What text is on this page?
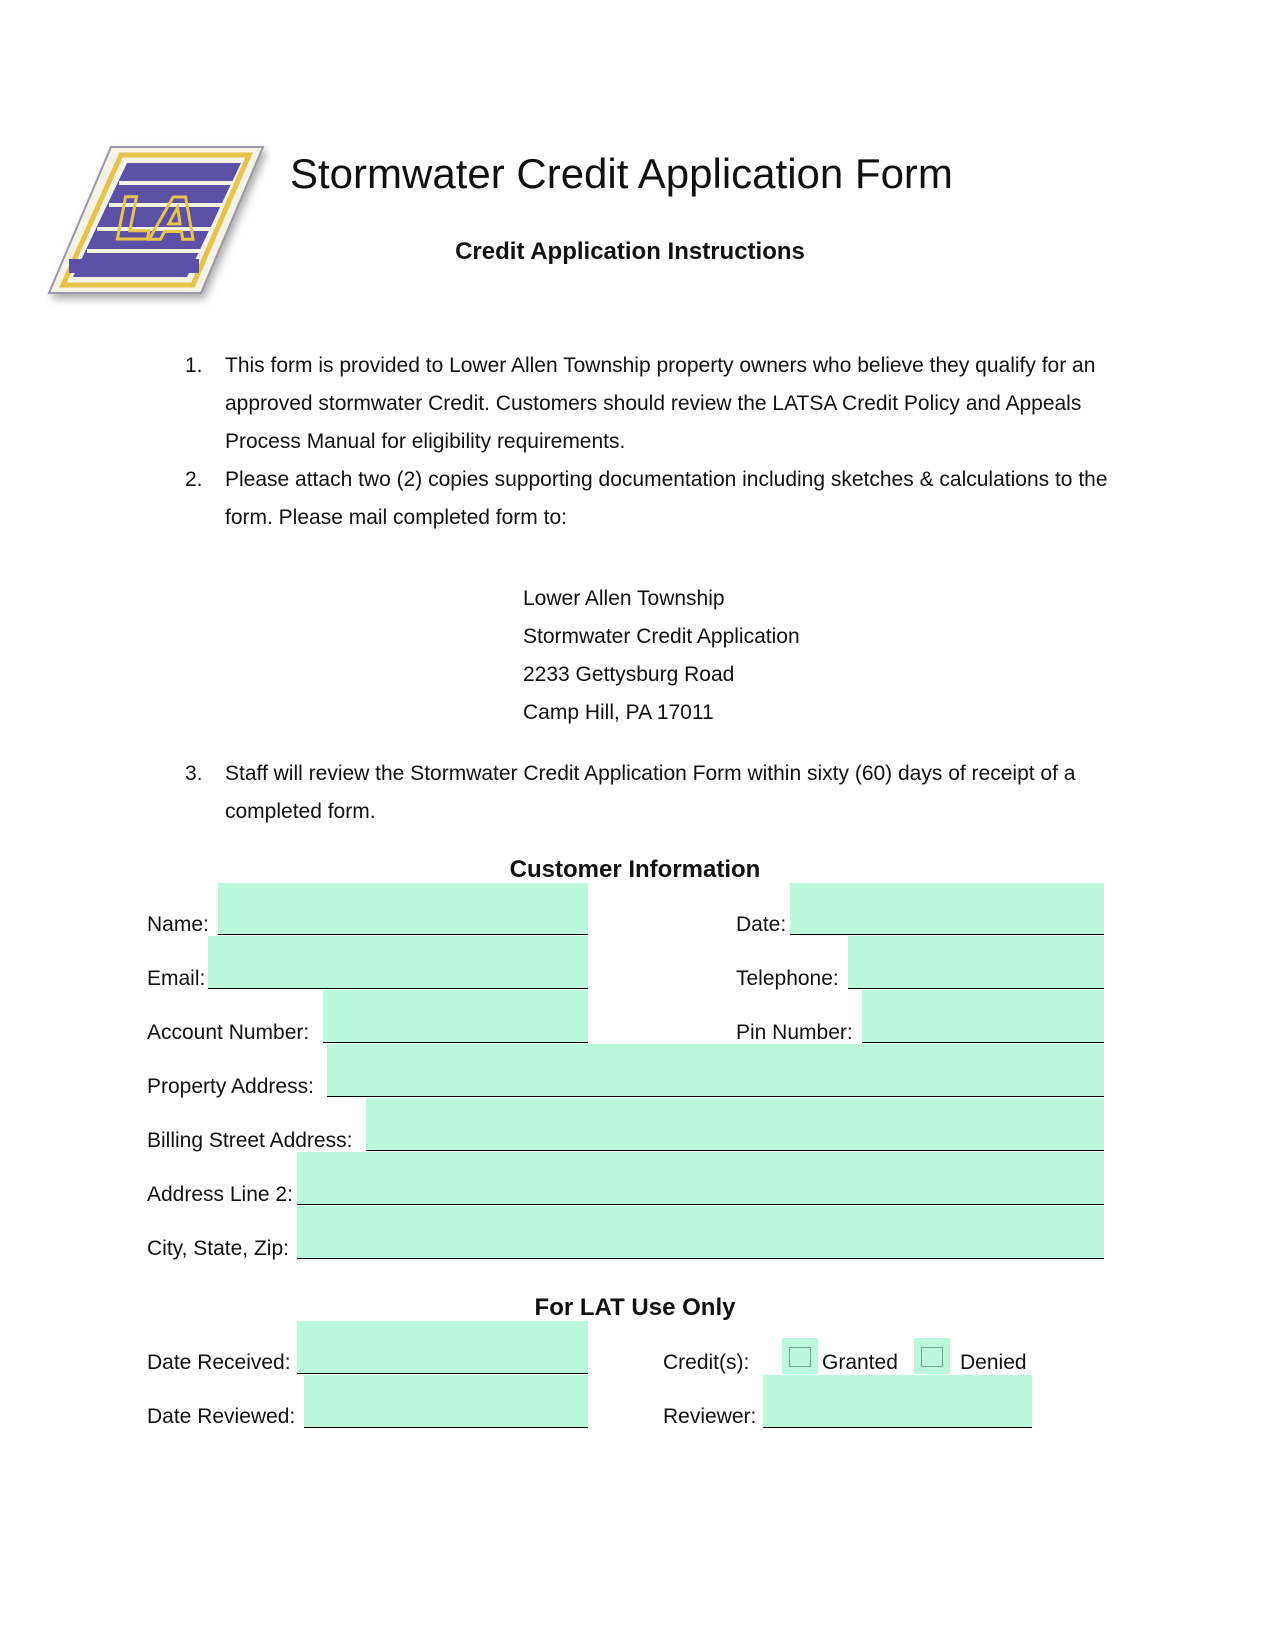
LA
Stormwater Credit Application Form
Credit Application Instructions
1. This form is provided to Lower Allen Township property owners who believe they qualify for an approved stormwater Credit. Customers should review the LATSA Credit Policy and Appeals Process Manual for eligibility requirements.
2. Please attach two (2) copies supporting documentation including sketches & calculations to the form. Please mail completed form to:
3. Staff will review the Stormwater Credit Application Form within sixty (60) days of receipt of a completed form.
Lower Allen Township
Stormwater Credit Application
2233 Gettysburg Road
Camp Hill, PA 17011
Customer Information
Name:	Date:
Email:	Telephone:
Account Number:	Pin Number:
Property Address:
Billing Street Address:
Address Line 2:
City, State, Zip:
For LAT Use Only
Date Received:	Credit(s):	Granted	Denied
Date Reviewed:	Reviewer:
